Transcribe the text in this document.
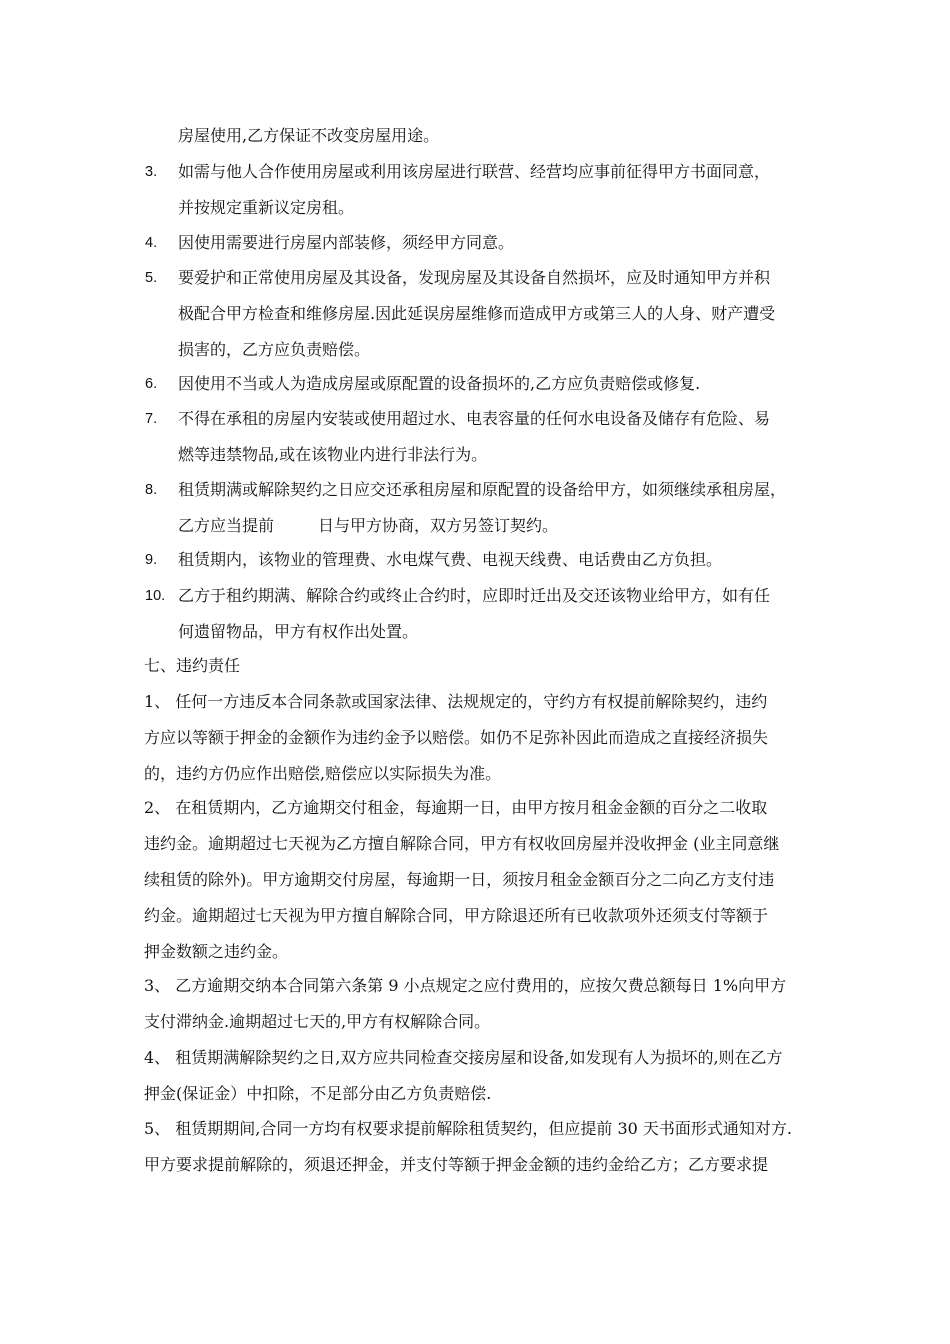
房屋使用,乙方保证不改变房屋用途。
3. 如需与他人合作使用房屋或利用该房屋进行联营、经营均应事前征得甲方书面同意，
并按规定重新议定房租。
4. 因使用需要进行房屋内部装修，须经甲方同意。
5. 要爱护和正常使用房屋及其设备，发现房屋及其设备自然损坏，应及时通知甲方并积
极配合甲方检查和维修房屋.因此延误房屋维修而造成甲方或第三人的人身、财产遭受
损害的，乙方应负责赔偿。
6. 因使用不当或人为造成房屋或原配置的设备损坏的,乙方应负责赔偿或修复.
7. 不得在承租的房屋内安装或使用超过水、电表容量的任何水电设备及储存有危险、易
燃等违禁物品,或在该物业内进行非法行为。
8. 租赁期满或解除契约之日应交还承租房屋和原配置的设备给甲方，如须继续承租房屋，
乙方应当提前	日与甲方协商，双方另签订契约。
9. 租赁期内，该物业的管理费、水电煤气费、电视天线费、电话费由乙方负担。
10. 乙方于租约期满、解除合约或终止合约时，应即时迁出及交还该物业给甲方，如有任
何遗留物品，甲方有权作出处置。
七、违约责任
1、 任何一方违反本合同条款或国家法律、法规规定的，守约方有权提前解除契约，违约
方应以等额于押金的金额作为违约金予以赔偿。如仍不足弥补因此而造成之直接经济损失
的，违约方仍应作出赔偿,赔偿应以实际损失为准。
2、 在租赁期内，乙方逾期交付租金，每逾期一日，由甲方按月租金金额的百分之二收取
违约金。逾期超过七天视为乙方擅自解除合同，甲方有权收回房屋并没收押金 (业主同意继
续租赁的除外)。甲方逾期交付房屋，每逾期一日，须按月租金金额百分之二向乙方支付违
约金。逾期超过七天视为甲方擅自解除合同，甲方除退还所有已收款项外还须支付等额于
押金数额之违约金。
3、 乙方逾期交纳本合同第六条第 9 小点规定之应付费用的，应按欠费总额每日 1%向甲方
支付滞纳金.逾期超过七天的,甲方有权解除合同。
4、 租赁期满解除契约之日,双方应共同检查交接房屋和设备,如发现有人为损坏的,则在乙方
押金(保证金）中扣除，不足部分由乙方负责赔偿.
5、 租赁期期间,合同一方均有权要求提前解除租赁契约，但应提前 30 天书面形式通知对方.
甲方要求提前解除的，须退还押金，并支付等额于押金金额的违约金给乙方；乙方要求提
